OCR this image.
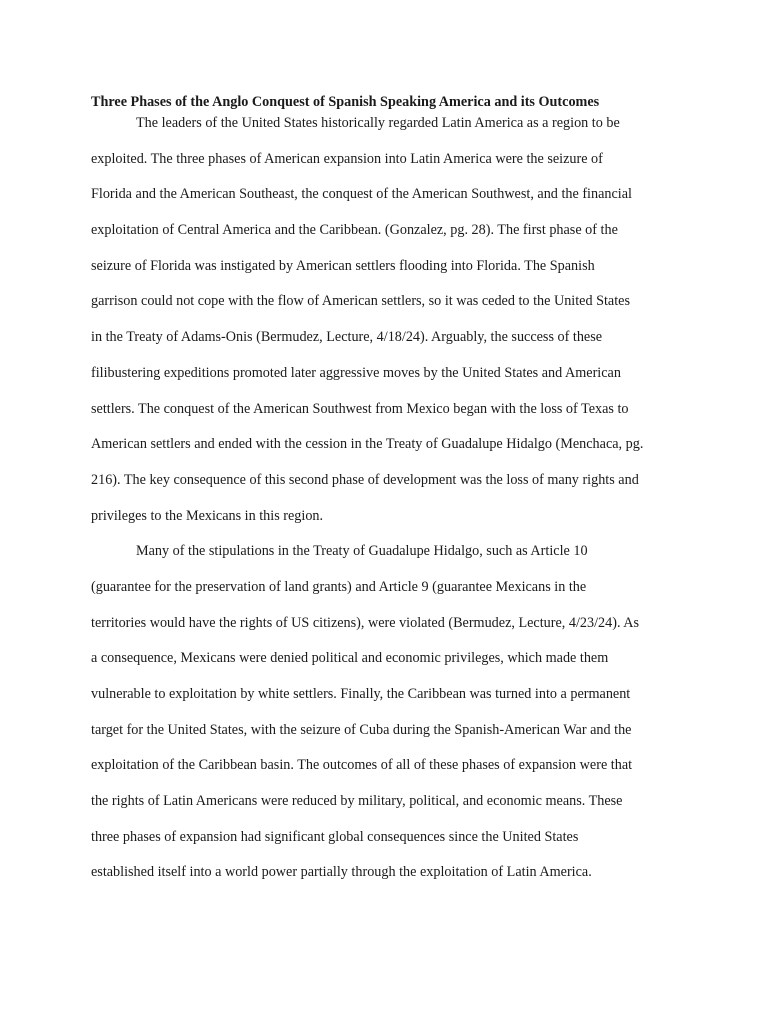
Three Phases of the Anglo Conquest of Spanish Speaking America and its Outcomes

The leaders of the United States historically regarded Latin America as a region to be

exploited. The three phases of American expansion into Latin America were the seizure of

Florida and the American Southeast, the conquest of the American Southwest, and the financial

exploitation of Central America and the Caribbean. (Gonzalez, pg. 28). The first phase of the

seizure of Florida was instigated by American settlers flooding into Florida. The Spanish

garrison could not cope with the flow of American settlers, so it was ceded to the United States

in the Treaty of Adams-Onis (Bermudez, Lecture, 4/18/24). Arguably, the success of these

filibustering expeditions promoted later aggressive moves by the United States and American

settlers. The conquest of the American Southwest from Mexico began with the loss of Texas to

American settlers and ended with the cession in the Treaty of Guadalupe Hidalgo (Menchaca, pg.

216). The key consequence of this second phase of development was the loss of many rights and

privileges to the Mexicans in this region.

Many of the stipulations in the Treaty of Guadalupe Hidalgo, such as Article 10

(guarantee for the preservation of land grants) and Article 9 (guarantee Mexicans in the

territories would have the rights of US citizens), were violated (Bermudez, Lecture, 4/23/24). As

a consequence, Mexicans were denied political and economic privileges, which made them

vulnerable to exploitation by white settlers. Finally, the Caribbean was turned into a permanent

target for the United States, with the seizure of Cuba during the Spanish-American War and the

exploitation of the Caribbean basin. The outcomes of all of these phases of expansion were that

the rights of Latin Americans were reduced by military, political, and economic means. These

three phases of expansion had significant global consequences since the United States

established itself into a world power partially through the exploitation of Latin America.
